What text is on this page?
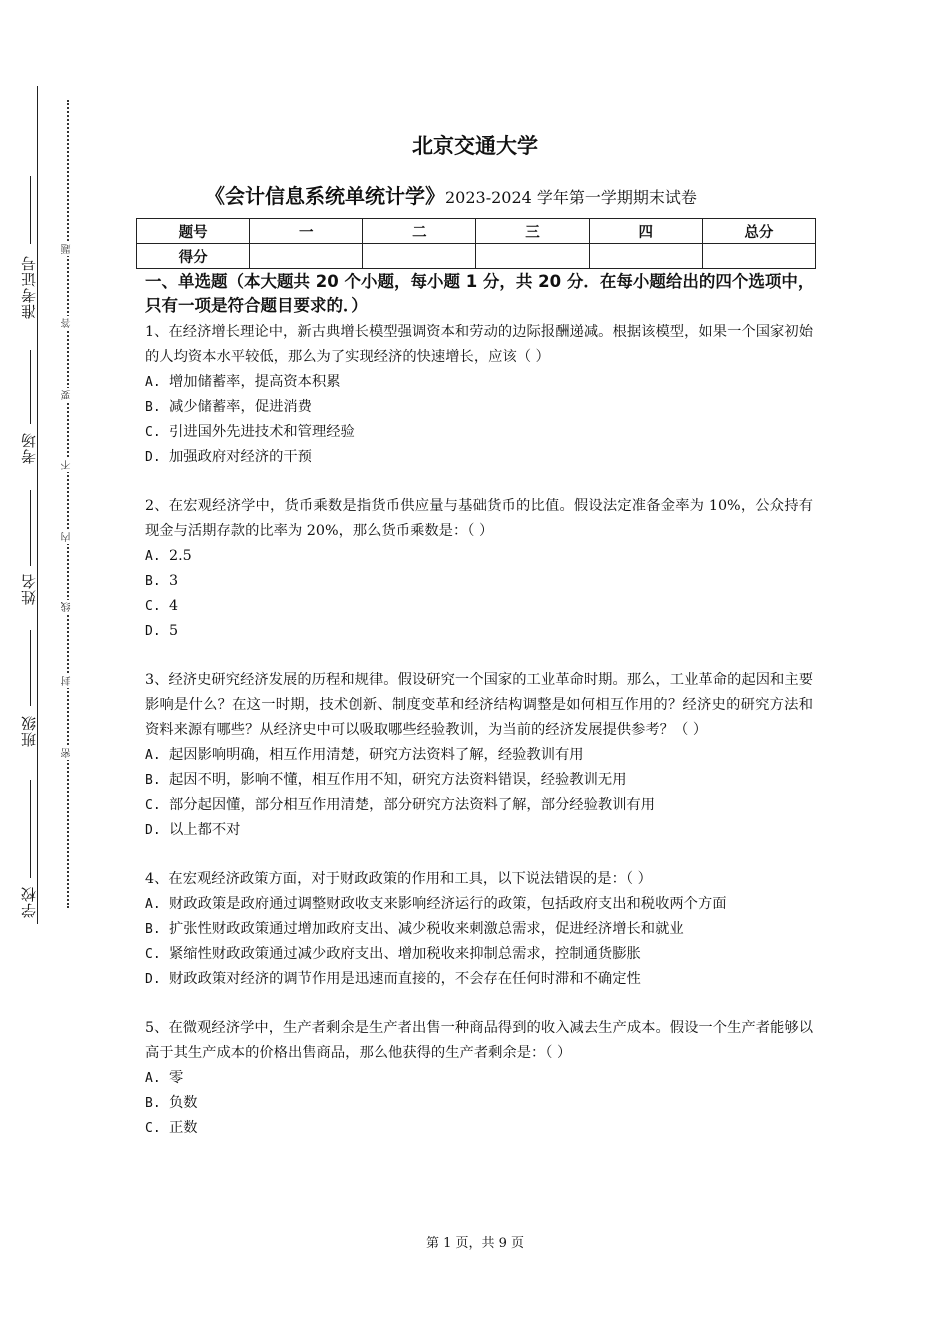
准考证号
考场
姓名
班级
学校
题
答
要
不
内
线
封
密
北京交通大学
《会计信息系统单统计学》2023-2024 学年第一学期期末试卷
题号	一	二	三	四	总分
得分					
一、单选题（本大题共 20 个小题，每小题 1 分，共 20 分．在每小题给出的四个选项中，只有一项是符合题目要求的．）
1、在经济增长理论中，新古典增长模型强调资本和劳动的边际报酬递减。根据该模型，如果一个国家初始的人均资本水平较低，那么为了实现经济的快速增长，应该（ ）
A. 增加储蓄率，提高资本积累
B. 减少储蓄率，促进消费
C. 引进国外先进技术和管理经验
D. 加强政府对经济的干预
2、在宏观经济学中，货币乘数是指货币供应量与基础货币的比值。假设法定准备金率为 10%，公众持有现金与活期存款的比率为 20%，那么货币乘数是：（ ）
A. 2.5
B. 3
C. 4
D. 5
3、经济史研究经济发展的历程和规律。假设研究一个国家的工业革命时期。那么，工业革命的起因和主要影响是什么？在这一时期，技术创新、制度变革和经济结构调整是如何相互作用的？经济史的研究方法和资料来源有哪些？从经济史中可以吸取哪些经验教训，为当前的经济发展提供参考？（ ）
A. 起因影响明确，相互作用清楚，研究方法资料了解，经验教训有用
B. 起因不明，影响不懂，相互作用不知，研究方法资料错误，经验教训无用
C. 部分起因懂，部分相互作用清楚，部分研究方法资料了解，部分经验教训有用
D. 以上都不对
4、在宏观经济政策方面，对于财政政策的作用和工具，以下说法错误的是：（ ）
A. 财政政策是政府通过调整财政收支来影响经济运行的政策，包括政府支出和税收两个方面
B. 扩张性财政政策通过增加政府支出、减少税收来刺激总需求，促进经济增长和就业
C. 紧缩性财政政策通过减少政府支出、增加税收来抑制总需求，控制通货膨胀
D. 财政政策对经济的调节作用是迅速而直接的，不会存在任何时滞和不确定性
5、在微观经济学中，生产者剩余是生产者出售一种商品得到的收入减去生产成本。假设一个生产者能够以高于其生产成本的价格出售商品，那么他获得的生产者剩余是：（ ）
A. 零
B. 负数
C. 正数
第 1 页，共 9 页
